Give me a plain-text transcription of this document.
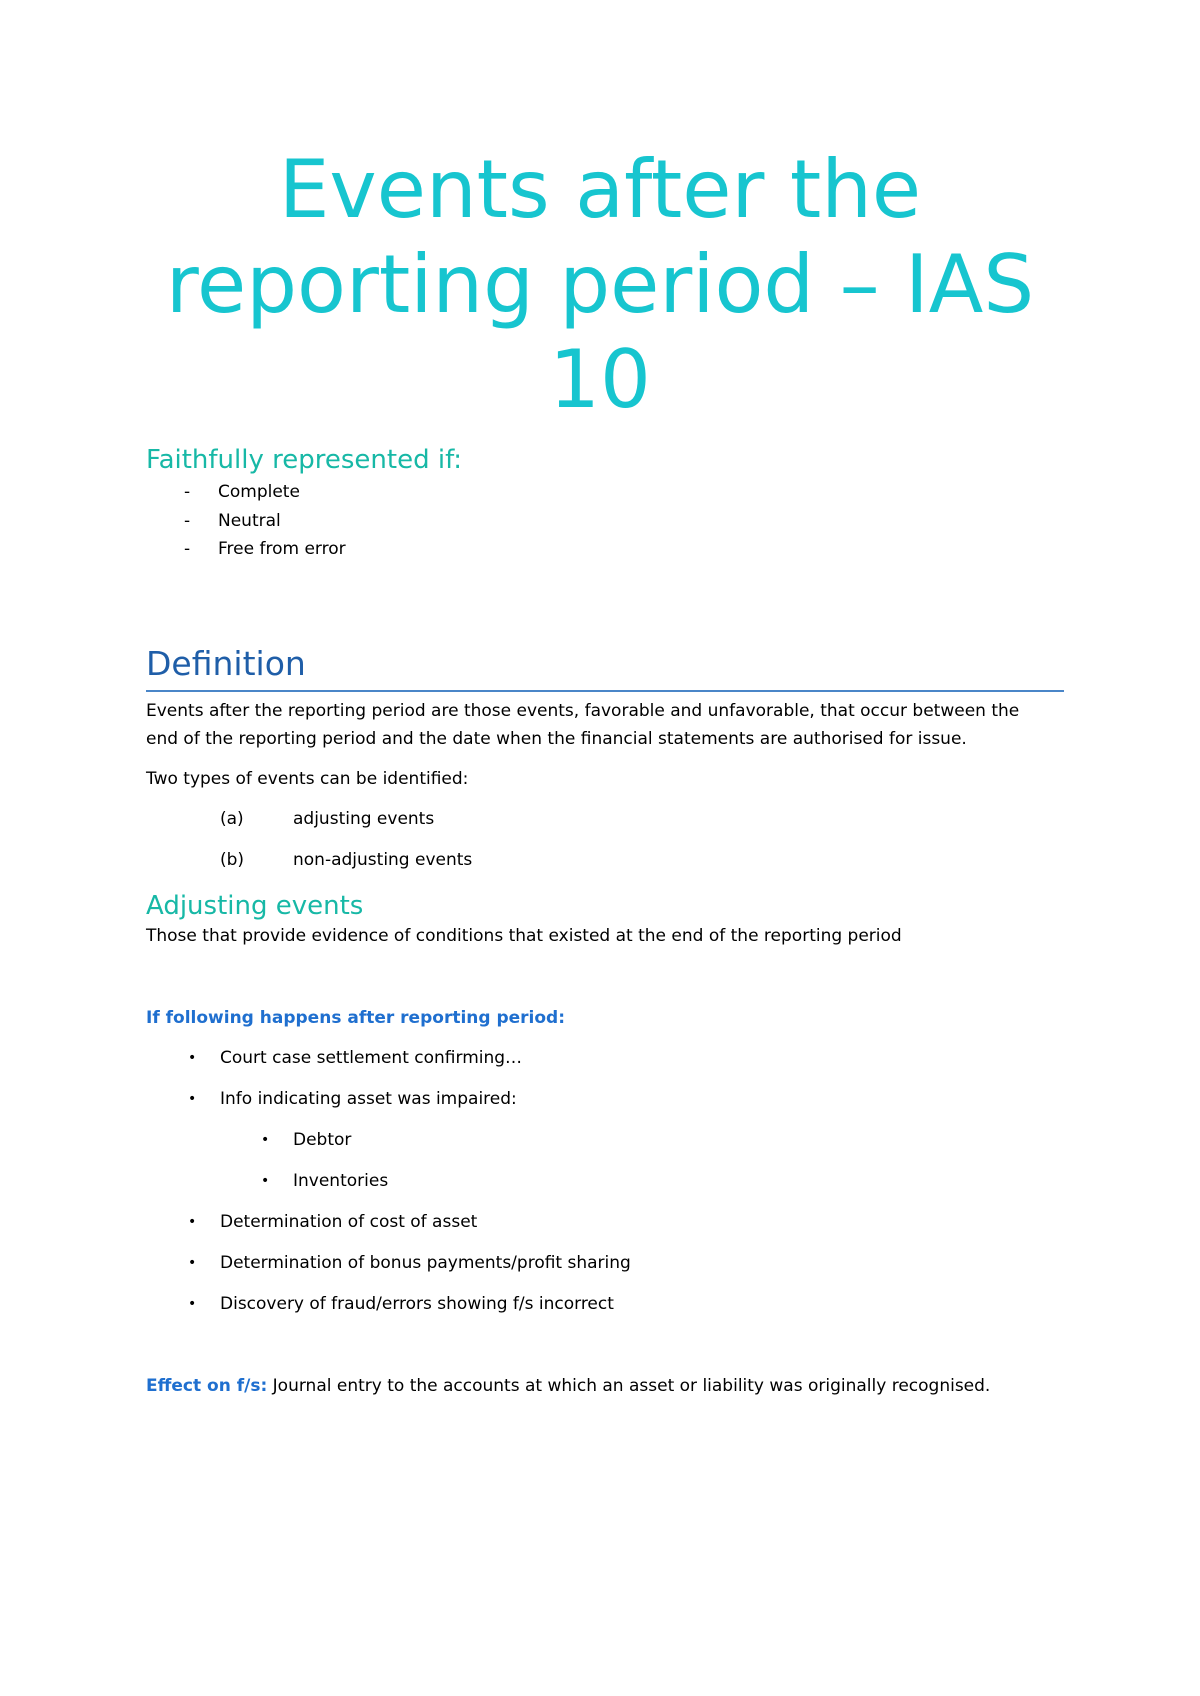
Events after the
reporting period – IAS
10
Faithfully represented if:
- Complete
- Neutral
- Free from error
Definition

Events after the reporting period are those events, favorable and unfavorable, that occur between the

end of the reporting period and the date when the financial statements are authorised for issue.

Two types of events can be identified:

(a)	adjusting events
(b)	non-adjusting events
Adjusting events

Those that provide evidence of conditions that existed at the end of the reporting period

If following happens after reporting period:

• Court case settlement confirming…
• Info indicating asset was impaired:
• Debtor
• Inventories
• Determination of cost of asset
• Determination of bonus payments/profit sharing
• Discovery of fraud/errors showing f/s incorrect
Effect on f/s: Journal entry to the accounts at which an asset or liability was originally recognised.
